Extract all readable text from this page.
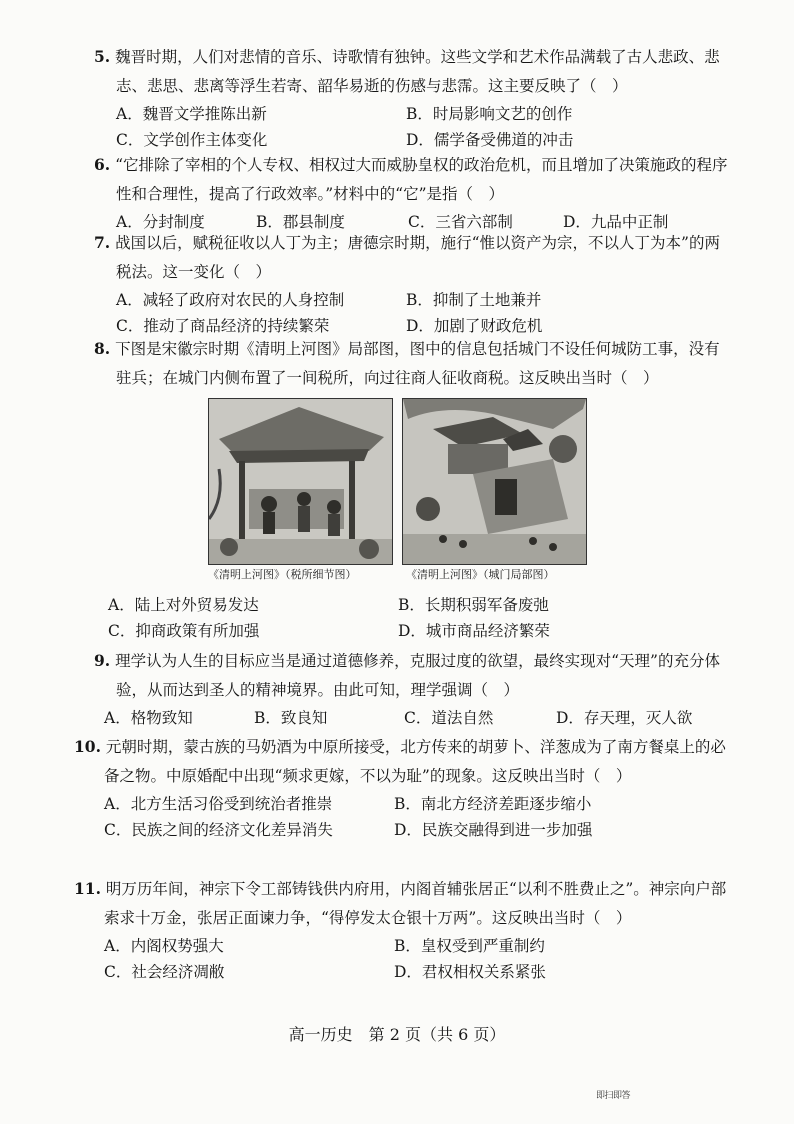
5. 魏晋时期，人们对悲情的音乐、诗歌情有独钟。这些文学和艺术作品满载了古人悲政、悲志、悲思、悲离等浮生若寄、韶华易逝的伤感与悲霈。这主要反映了（　）
A．魏晋文学推陈出新	B．时局影响文艺的创作
C．文学创作主体变化	D．儒学备受佛道的冲击
6. “它排除了宰相的个人专权、相权过大而威胁皇权的政治危机，而且增加了决策施政的程序性和合理性，提高了行政效率。”材料中的“它”是指（　）
A．分封制度	B．郡县制度	C．三省六部制	D．九品中正制
7. 战国以后，赋税征收以人丁为主；唐德宗时期，施行“惟以资产为宗，不以人丁为本”的两税法。这一变化（　）
A．减轻了政府对农民的人身控制	B．抑制了土地兼并
C．推动了商品经济的持续繁荣	D．加剧了财政危机
8. 下图是宋徽宗时期《清明上河图》局部图，图中的信息包括城门不设任何城防工事，没有驻兵；在城门内侧布置了一间税所，向过往商人征收商税。这反映出当时（　）
《清明上河图》（税所细节图）	《清明上河图》（城门局部图）
A．陆上对外贸易发达	B．长期积弱军备废弛
C．抑商政策有所加强	D．城市商品经济繁荣
9. 理学认为人生的目标应当是通过道德修养，克服过度的欲望，最终实现对“天理”的充分体验，从而达到圣人的精神境界。由此可知，理学强调（　）
A．格物致知	B．致良知	C．道法自然	D．存天理，灭人欲
10. 元朝时期，蒙古族的马奶酒为中原所接受，北方传来的胡萝卜、洋葱成为了南方餐桌上的必备之物。中原婚配中出现“频求更嫁，不以为耻”的现象。这反映出当时（　）
A．北方生活习俗受到统治者推崇	B．南北方经济差距逐步缩小
C．民族之间的经济文化差异消失	D．民族交融得到进一步加强
11. 明万历年间，神宗下令工部铸钱供内府用，内阁首辅张居正“以利不胜费止之”。神宗向户部索求十万金，张居正面谏力争，“得停发太仓银十万两”。这反映出当时（　）
A．内阁权势强大	B．皇权受到严重制约
C．社会经济凋敝	D．君权相权关系紧张
高一历史　第 2 页（共 6 页）
即扫即答
